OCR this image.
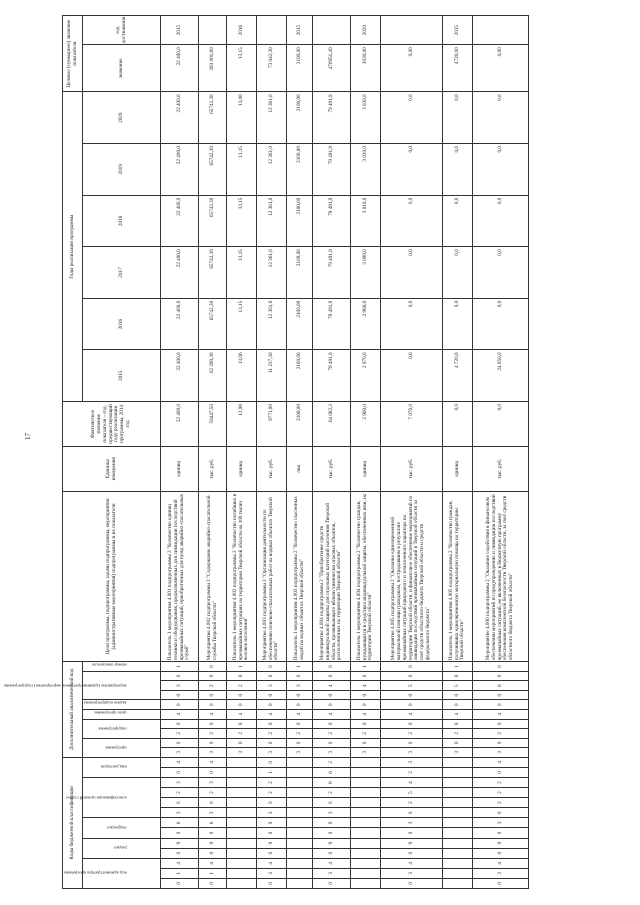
17
Коды бюджетной классификации													Дополнительный аналитический код										Цели программы, подпрограммы, задачи подпрограммы, мероприятия (административные мероприятия) подпрограммы и их показатели	Единица измерения	Фактическое значение показателя – год, предшествующий году реализации программы, 2014 год	Годы реализации программы						Целевое (суммарное) значение показателя	

код администратора программы			раздел		подраздел		классификация целевой статьи				вид расходов		программа		подпрограмма		цель программы	задача подпрограммы	мероприятие (административное мероприятие) подпрограммы			номер показателя				2015	2016	2017	2018	2019	2020	значение	год достижения
0	1	4	0	9	0	6	3	0	2	3	0	4	3	0	2	0	4	0	0	3	0	1	Показатель 1 мероприятия 4.001 подпрограммы 2 "Количество единиц техники и оборудования, предназначенных для ликвидации последствий чрезвычайных ситуаций, приобретенных для нужд аварийно-спасательных служб"	единиц	22 400,0	22 400,0	22 400,0	22 400,0	22 400,0	22 400,0	22 400,0	22 400,0	2015
0	1	4	0	9	0	6	3	0	2	3	0	4	3	0	2	0	4	0	0	2	0	0	Мероприятие 4.002 подпрограммы 2 "Содержание аварийно-спасательной службы Тверской области"	тыс. руб.	59447,50	62 290,30	65742,30	65742,30	65742,30	65742,30	65742,30	393 001,80	
													3	0	2	0	4	0	0	2	0	1	Показатель 1 мероприятия 4.002 подпрограммы 2 "Количество погибших в чрезвычайных ситуациях на территории Тверской области на 100 тысяч человек населения"	единиц	12,98	13,06	13,15	13,15	13,15	13,15	13,00	13,15	2016
0	3	4	0	9	0	9	3	0	2	2	1	0	3	0	2	0	4	0	0	3	0	0	Мероприятие 4.003 подпрограммы 2 "Организация деятельности по обеспечению поисково-спасательных работ на водных объектах Тверской области"	тыс. руб.	9771,00	11 237,30	12 361,0	12 361,0	12 361,0	12 361,0	12 361,0	73 042,30	
													3	0	2	0	4	0	0	3	0	1	Показатель 1 мероприятия 4.003 подпрограммы 2 "Количество спасенных людей на водных объектах Тверской области"	лиц	2100,00	2100,00	2100,00	2100,00	2100,00	2100,00	2100,00	2100,00	2015
0	3	4	0	9	0	9	3	0	2	8	6	2	3	0	2	0	4	0	0	4	0	0	Мероприятие 4.004 подпрограммы 2 "Приобретение средств индивидуальной защиты для отдельных категорий населения Тверской области, проживающего вблизи химически опасных объектов, расположенных на территории Тверской области"	тыс. руб.	64 082,3	79 491,9	79 491,9	79 491,9	79 491,9	79 491,9	79 491,9	476951,40	
													3	0	2	0	4	0	0	4	0	1	Показатель 1 мероприятия 4.004 подпрограммы 2 "Количество граждан, нуждающихся в средствах индивидуальной защиты, обеспеченных ими, на территории Тверской области"	единиц	2 960,0	2 970,0	2 980,0	3 000,0	3 010,0	3 020,0	3 030,0	3030,00	2020
0	3	4	0	9	0	3	0	2	5	4	2	3	3	0	2	0	4	0	0	5	0	0	Мероприятие 4.005 подпрограммы 2 "Оказание единовременной материальной помощи гражданам, пострадавшим в результате чрезвычайных ситуаций природного и техногенного характера на территории Тверской области, и финансовое обеспечение мероприятий по ликвидации последствий чрезвычайных ситуаций в Тверской области за счет средств областного бюджета Тверской области и средств федерального бюджета"	тыс. руб.	7 076,0	0,0	0,0	0,0	0,0	0,0	0,0	0,00	
													3	0	2	0	4	0	0	5	0	1	Показатель 1 мероприятия 4.005 подпрограммы 2 "Количество граждан, получивших единовременную материальную помощь на территории Тверской области"	единиц	0,0	4 720,0	0,0	0,0	0,0	0,0	0,0	4720,00	2015
0	3	4	0	9	0	3	0	2	2	2	0	4	3	0	2	0	4	0	0	6	0	0	Мероприятие 4.006 подпрограммы 2 "Оказание содействия в финансовом обеспечении мероприятий по предупреждению и ликвидации последствий чрезвычайных ситуаций, не включенных в бюджетную программу обеспечения комплексной безопасности Тверской области, за счет средств областного бюджета Тверской области"	тыс. руб.	0,0	24 050,0	0,0	0,0	0,0	0,0	0,0	0,00	
